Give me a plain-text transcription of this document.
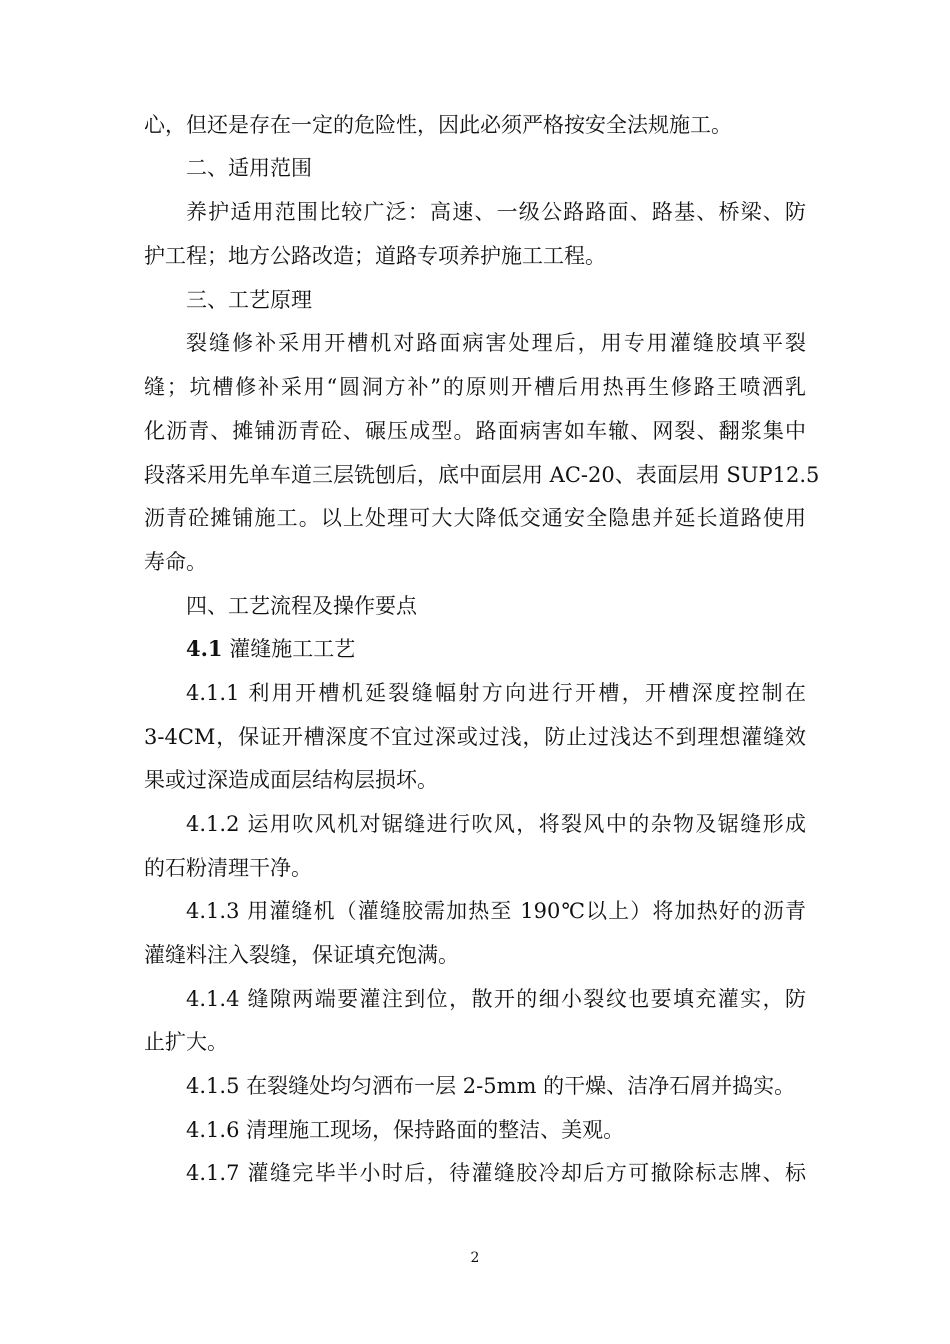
心，但还是存在一定的危险性，因此必须严格按安全法规施工。
二、适用范围
养护适用范围比较广泛：高速、一级公路路面、路基、桥梁、防
护工程；地方公路改造；道路专项养护施工工程。
三、工艺原理
裂缝修补采用开槽机对路面病害处理后，用专用灌缝胶填平裂
缝；坑槽修补采用“圆洞方补”的原则开槽后用热再生修路王喷洒乳
化沥青、摊铺沥青砼、碾压成型。路面病害如车辙、网裂、翻浆集中
段落采用先单车道三层铣刨后，底中面层用 AC-20、表面层用 SUP12.5
沥青砼摊铺施工。以上处理可大大降低交通安全隐患并延长道路使用
寿命。
四、工艺流程及操作要点
4.1 灌缝施工工艺
4.1.1 利用开槽机延裂缝幅射方向进行开槽，开槽深度控制在
3-4CM，保证开槽深度不宜过深或过浅，防止过浅达不到理想灌缝效
果或过深造成面层结构层损坏。
4.1.2 运用吹风机对锯缝进行吹风，将裂风中的杂物及锯缝形成
的石粉清理干净。
4.1.3 用灌缝机（灌缝胶需加热至 190℃以上）将加热好的沥青
灌缝料注入裂缝，保证填充饱满。
4.1.4 缝隙两端要灌注到位，散开的细小裂纹也要填充灌实，防
止扩大。
4.1.5 在裂缝处均匀洒布一层 2-5mm 的干燥、洁净石屑并捣实。
4.1.6 清理施工现场，保持路面的整洁、美观。
4.1.7 灌缝完毕半小时后，待灌缝胶冷却后方可撤除标志牌、标
2
